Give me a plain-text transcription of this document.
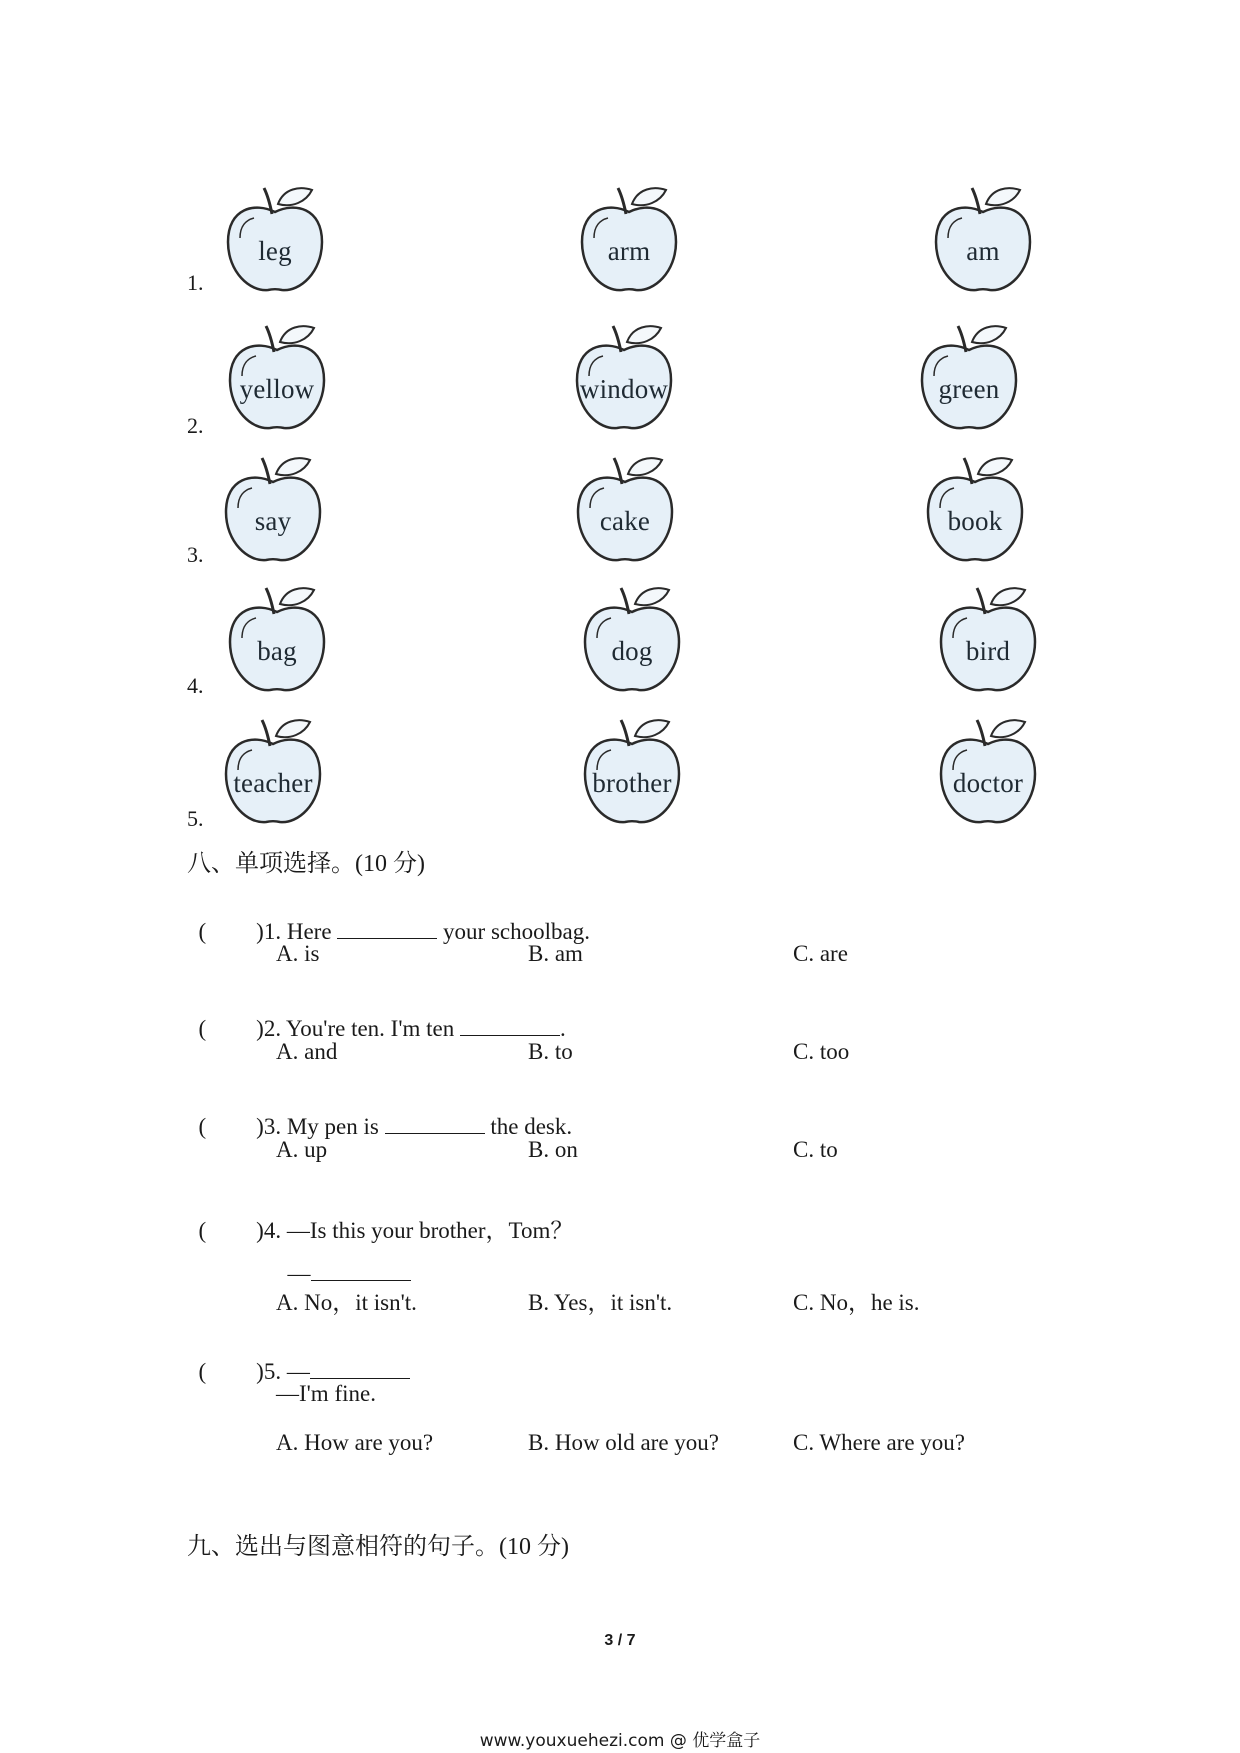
1.
leg	arm	am
2.
yellow	window	green
3.
say	cake	book
4.
bag	dog	bird
5.
teacher	brother	doctor
八、单项选择。(10 分)

( )1. Here	your schoolbag.

A. is	B. am	C. are

( )2. You're ten. I'm ten	.

A. and	B. to	C. too

( )3. My pen is	the desk.

A. up	B. on	C. to

( )4. —Is this your brother，Tom？

—

A. No，it isn't.	B. Yes，it isn't.	C. No，he is.

( )5. —

—I'm fine.
A. How are you?	B. How old are you?	C. Where are you?
九、选出与图意相符的句子。(10 分)
3 / 7
www.youxuehezi.com @ 优学盒子
